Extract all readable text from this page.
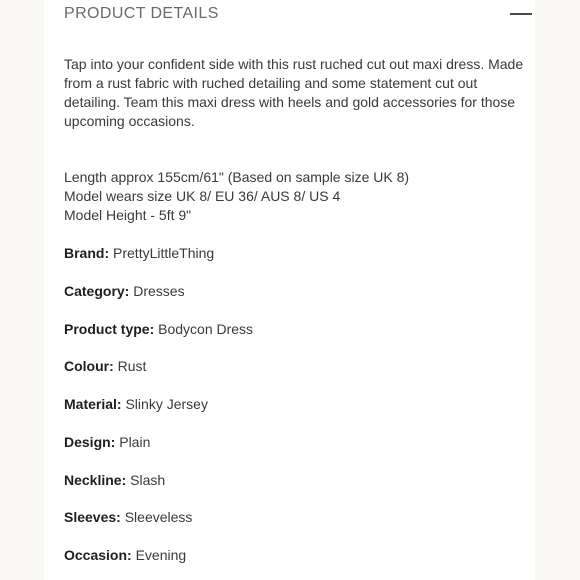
PRODUCT DETAILS
Tap into your confident side with this rust ruched cut out maxi dress. Made from a rust fabric with ruched detailing and some statement cut out detailing. Team this maxi dress with heels and gold accessories for those upcoming occasions.
Length approx 155cm/61" (Based on sample size UK 8)
Model wears size UK 8/ EU 36/ AUS 8/ US 4
Model Height - 5ft 9"
Brand: PrettyLittleThing
Category: Dresses
Product type: Bodycon Dress
Colour: Rust
Material: Slinky Jersey
Design: Plain
Neckline: Slash
Sleeves: Sleeveless
Occasion: Evening
